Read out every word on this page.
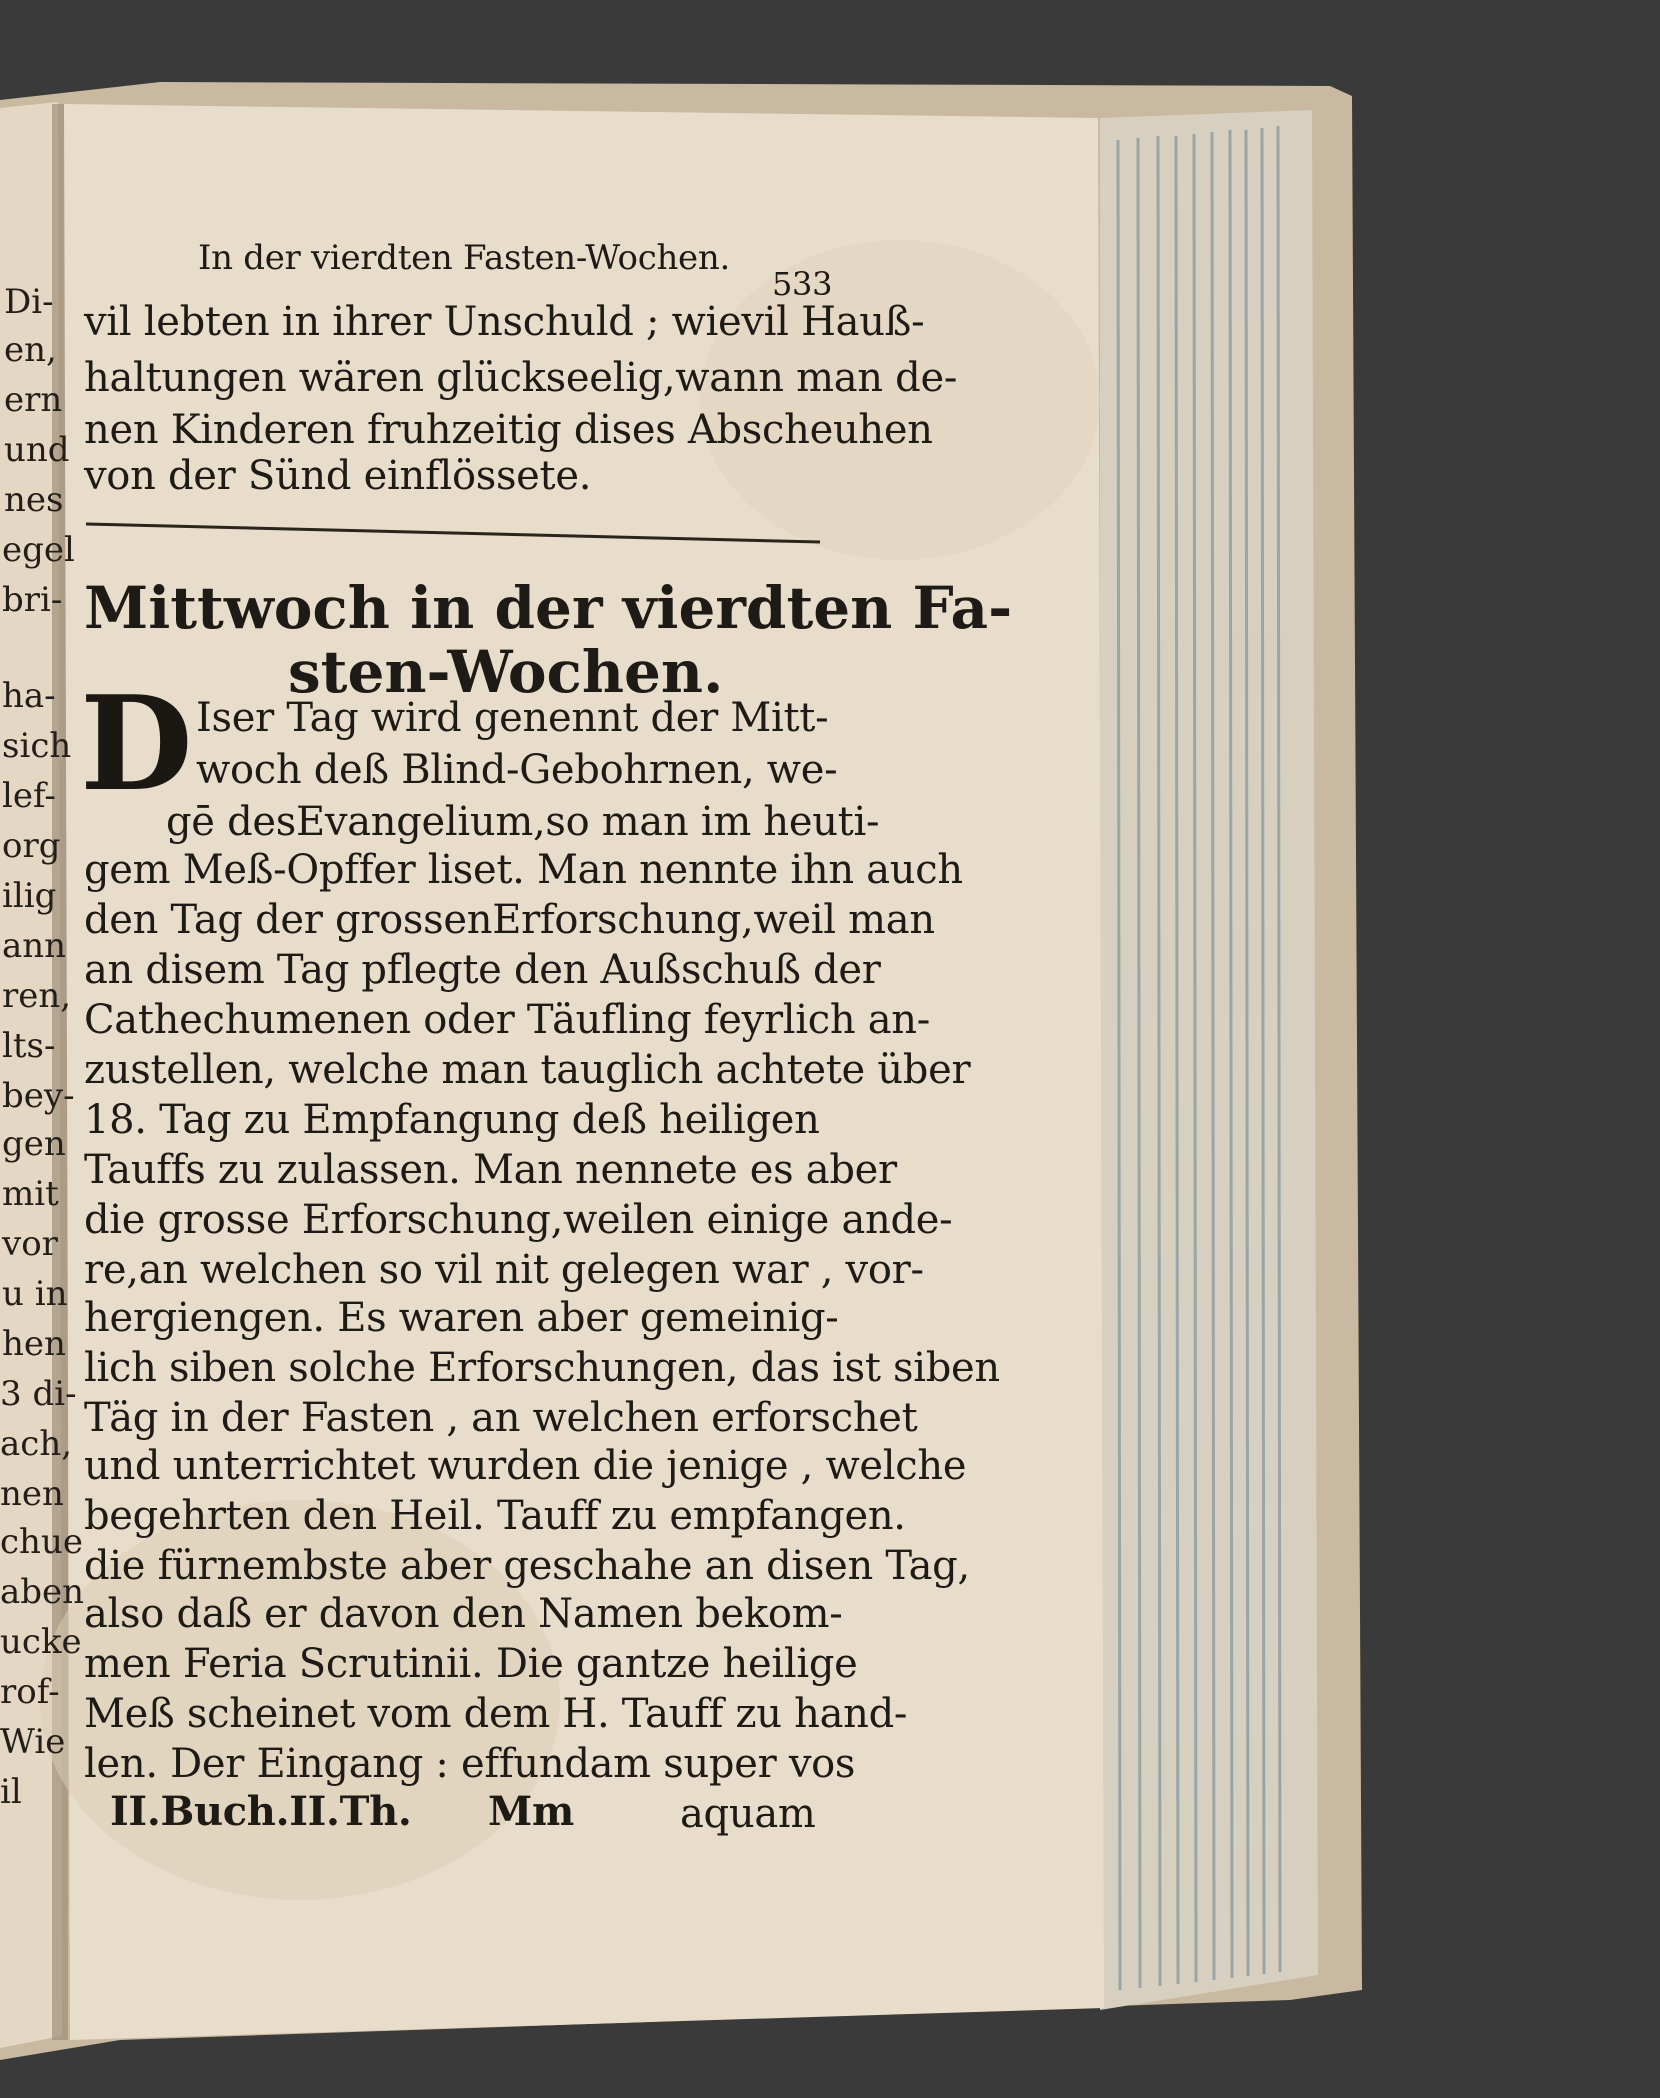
In der vierdten Fasten-Wochen.
533
vil lebten in ihrer Unschuld ; wievil Hauß-
haltungen wären glückseelig,wann man de-
nen Kinderen fruhzeitig dises Abscheuhen
von der Sünd einflössete.
Mittwoch in der vierdten Fa-
sten-Wochen.
D Iser Tag wird genennt der Mitt-
woch deß Blind-Gebohrnen, we-
gē desEvangelium,so man im heuti-
gem Meß-Opffer liset. Man nennte ihn auch
den Tag der grossenErforschung,weil man
an disem Tag pflegte den Außschuß der
Cathechumenen oder Täufling feyrlich an-
zustellen, welche man tauglich achtete über
18. Tag zu Empfangung deß heiligen
Tauffs zu zulassen. Man nennete es aber
die grosse Erforschung,weilen einige ande-
re,an welchen so vil nit gelegen war , vor-
hergiengen. Es waren aber gemeinig-
lich siben solche Erforschungen, das ist siben
Täg in der Fasten , an welchen erforschet
und unterrichtet wurden die jenige , welche
begehrten den Heil. Tauff zu empfangen.
die fürnembste aber geschahe an disen Tag,
also daß er davon den Namen bekom-
men Feria Scrutinii. Die gantze heilige
Meß scheinet vom dem H. Tauff zu hand-
len. Der Eingang : effundam super vos
II.Buch.II.Th. Mm	aquam
Di-
en,
ern
und
nes
egel
bri-
ha-
sich
lef-
org
ilig
ann
ren,
lts-
bey-
gen
mit
vor
u in
hen
3 di-
ach,
nen
chue
aben
ucke
rof-
Wie
il
